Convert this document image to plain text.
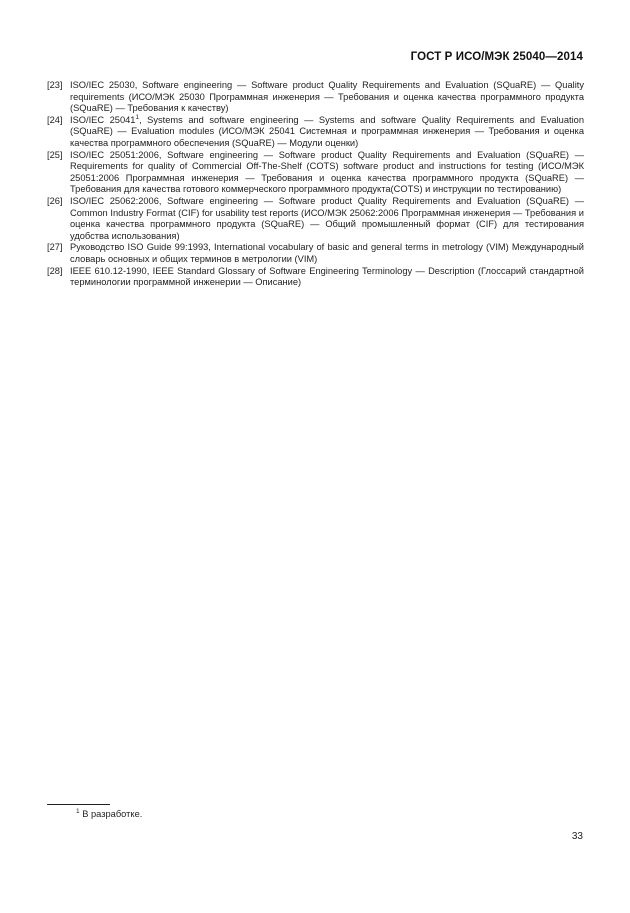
ГОСТ Р ИСО/МЭК 25040—2014
[23] ISO/IEC 25030, Software engineering — Software product Quality Requirements and Evaluation (SQuaRE) — Quality requirements (ИСО/МЭК 25030 Программная инженерия — Требования и оценка качества программного продукта (SQuaRE) — Требования к качеству)
[24] ISO/IEC 25041$^1$, Systems and software engineering — Systems and software Quality Requirements and Evaluation (SQuaRE) — Evaluation modules (ИСО/МЭК 25041 Системная и программная инженерия — Требования и оценка качества программного обеспечения (SQuaRE) — Модули оценки)
[25] ISO/IEC 25051:2006, Software engineering — Software product Quality Requirements and Evaluation (SQuaRE) — Requirements for quality of Commercial Off-The-Shelf (COTS) software product and instructions for testing (ИСО/МЭК 25051:2006 Программная инженерия — Требования и оценка качества программного продукта (SQuaRE) — Требования для качества готового коммерческого программного продукта(COTS) и инструкции по тестированию)
[26] ISO/IEC 25062:2006, Software engineering — Software product Quality Requirements and Evaluation (SQuaRE) — Common Industry Format (CIF) for usability test reports (ИСО/МЭК 25062:2006 Программная инженерия — Требования и оценка качества программного продукта (SQuaRE) — Общий промышленный формат (CIF) для тестирования удобства использования)
[27] Руководство ISO Guide 99:1993, International vocabulary of basic and general terms in metrology (VIM) Международный словарь основных и общих терминов в метрологии (VIM)
[28] IEEE 610.12-1990, IEEE Standard Glossary of Software Engineering Terminology — Description (Глоссарий стандартной терминологии программной инженерии — Описание)
$^1$ В разработке.
33
